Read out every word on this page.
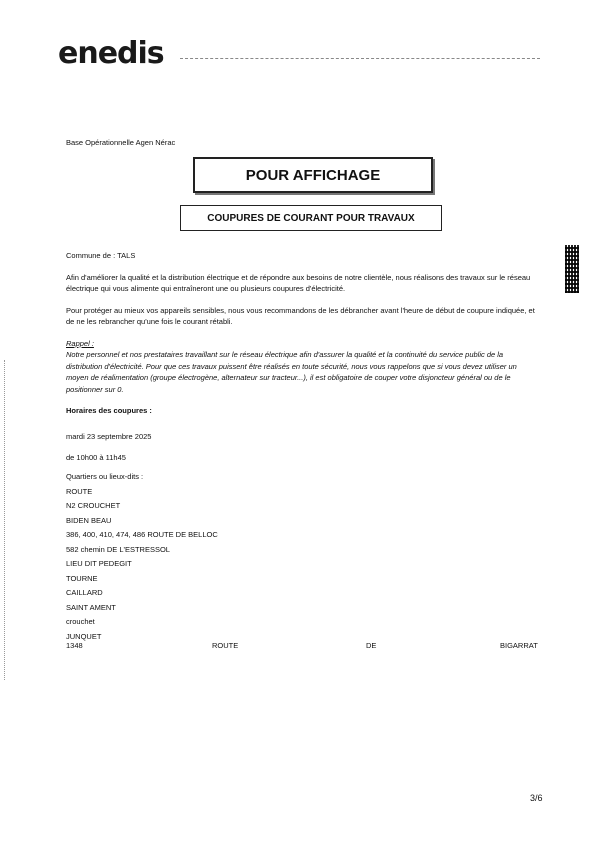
enedis
Base Opérationnelle Agen Nérac
POUR AFFICHAGE
COUPURES DE COURANT POUR TRAVAUX

Commune de : TALS

Afin d'améliorer la qualité et la distribution électrique et de répondre aux besoins de notre clientèle, nous réalisons des travaux sur le réseau électrique qui vous alimente qui entraîneront une ou plusieurs coupures d'électricité.

Pour protéger au mieux vos appareils sensibles, nous vous recommandons de les débrancher avant l'heure de début de coupure indiquée, et de ne les rebrancher qu'une fois le courant rétabli.

Rappel :

Notre personnel et nos prestataires travaillant sur le réseau électrique afin d'assurer la qualité et la continuité du service public de la distribution d'électricité. Pour que ces travaux puissent être réalisés en toute sécurité, nous vous rappelons que si vous devez utiliser un moyen de réalimentation (groupe électrogène, alternateur sur tracteur...), il est obligatoire de couper votre disjoncteur général ou de le positionner sur 0.

Horaires des coupures :

mardi 23 septembre 2025

de 10h00 à 11h45

Quartiers ou lieux-dits :
ROUTE
N2 CROUCHET
BIDEN BEAU
386, 400, 410, 474, 486 ROUTE DE BELLOC
582 chemin DE L'ESTRESSOL
LIEU DIT PEDEGIT
TOURNE
CAILLARD
SAINT AMENT
crouchet
JUNQUET
1348	ROUTE	DE	BIGARRAT
3/6
